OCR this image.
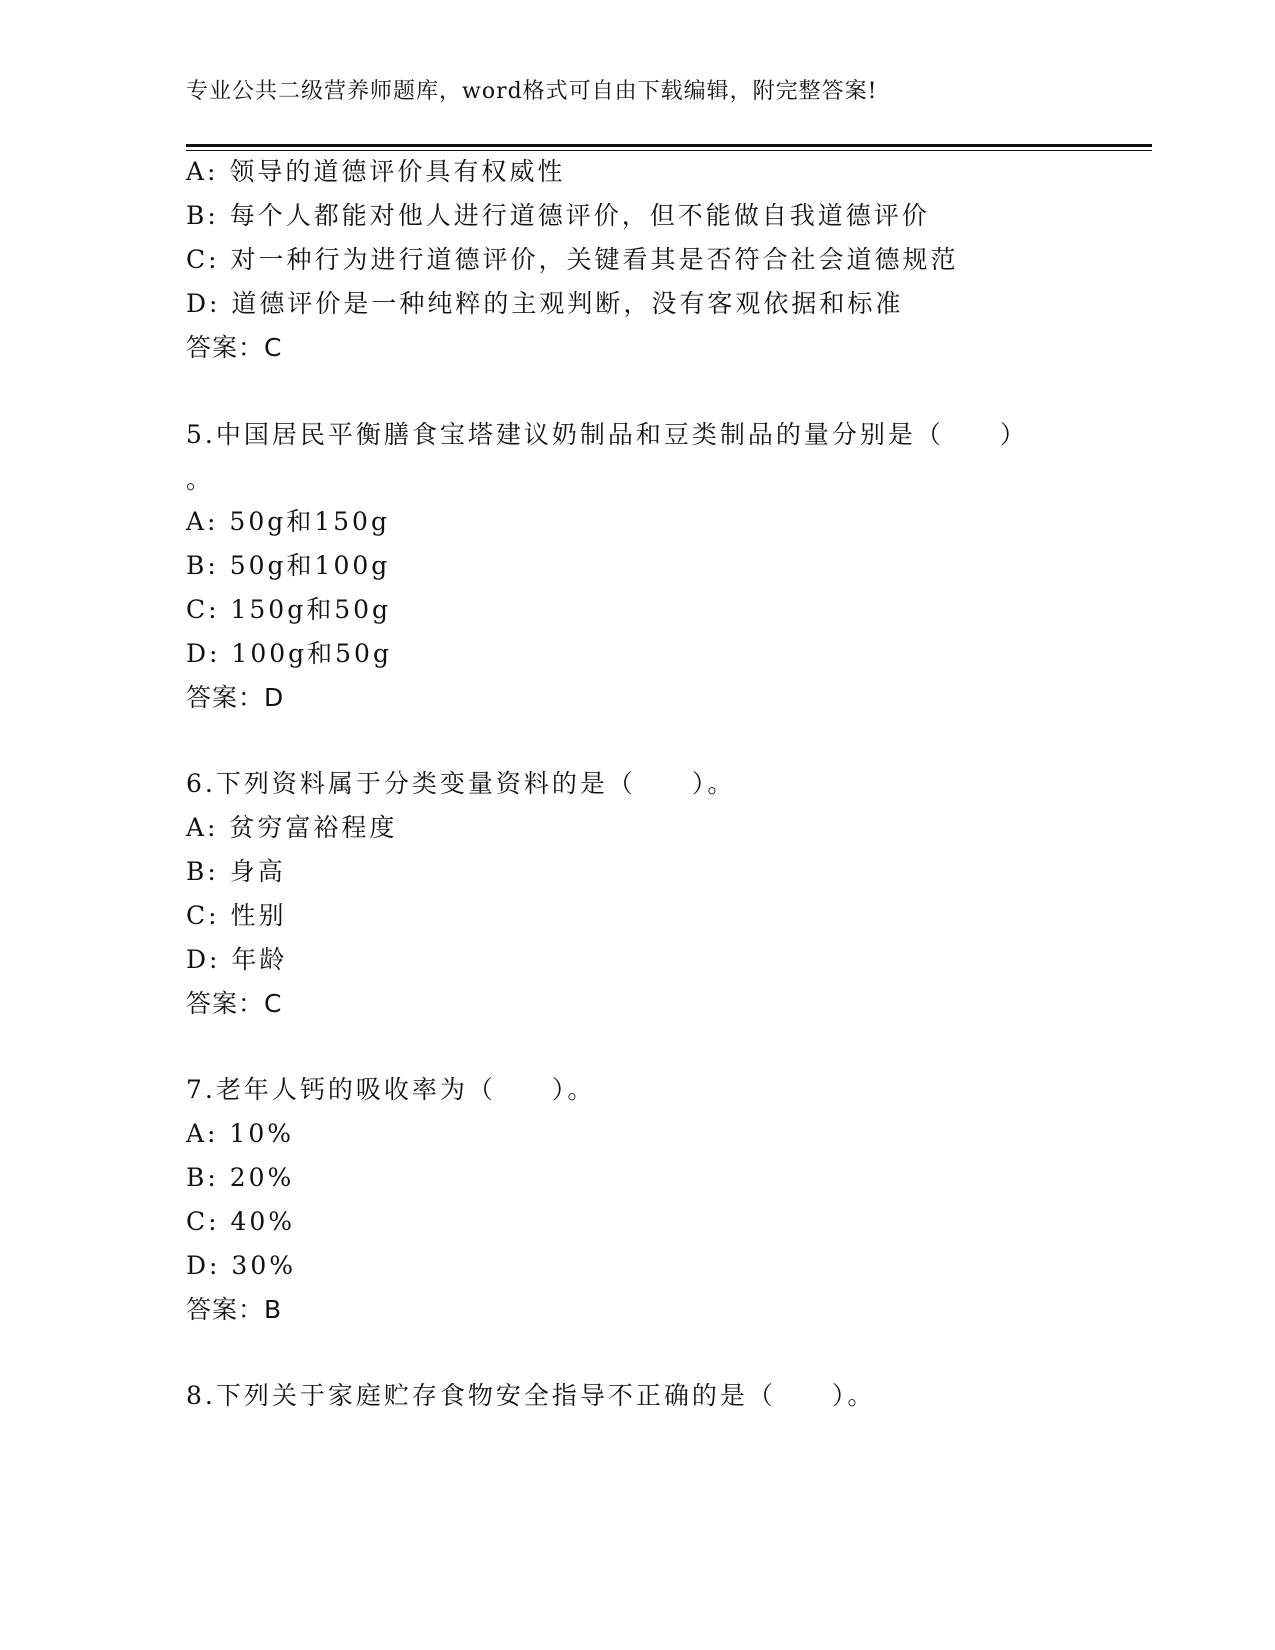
专业公共二级营养师题库，word格式可自由下载编辑，附完整答案!
A: 领导的道德评价具有权威性
B: 每个人都能对他人进行道德评价，但不能做自我道德评价
C: 对一种行为进行道德评价，关键看其是否符合社会道德规范
D: 道德评价是一种纯粹的主观判断，没有客观依据和标准
答案：C
5.中国居民平衡膳食宝塔建议奶制品和豆类制品的量分别是（　　）
。
A: 50g和150g
B: 50g和100g
C: 150g和50g
D: 100g和50g
答案：D
6.下列资料属于分类变量资料的是（　　）。
A: 贫穷富裕程度
B: 身高
C: 性别
D: 年龄
答案：C
7.老年人钙的吸收率为（　　）。
A: 10%
B: 20%
C: 40%
D: 30%
答案：B
8.下列关于家庭贮存食物安全指导不正确的是（　　）。
